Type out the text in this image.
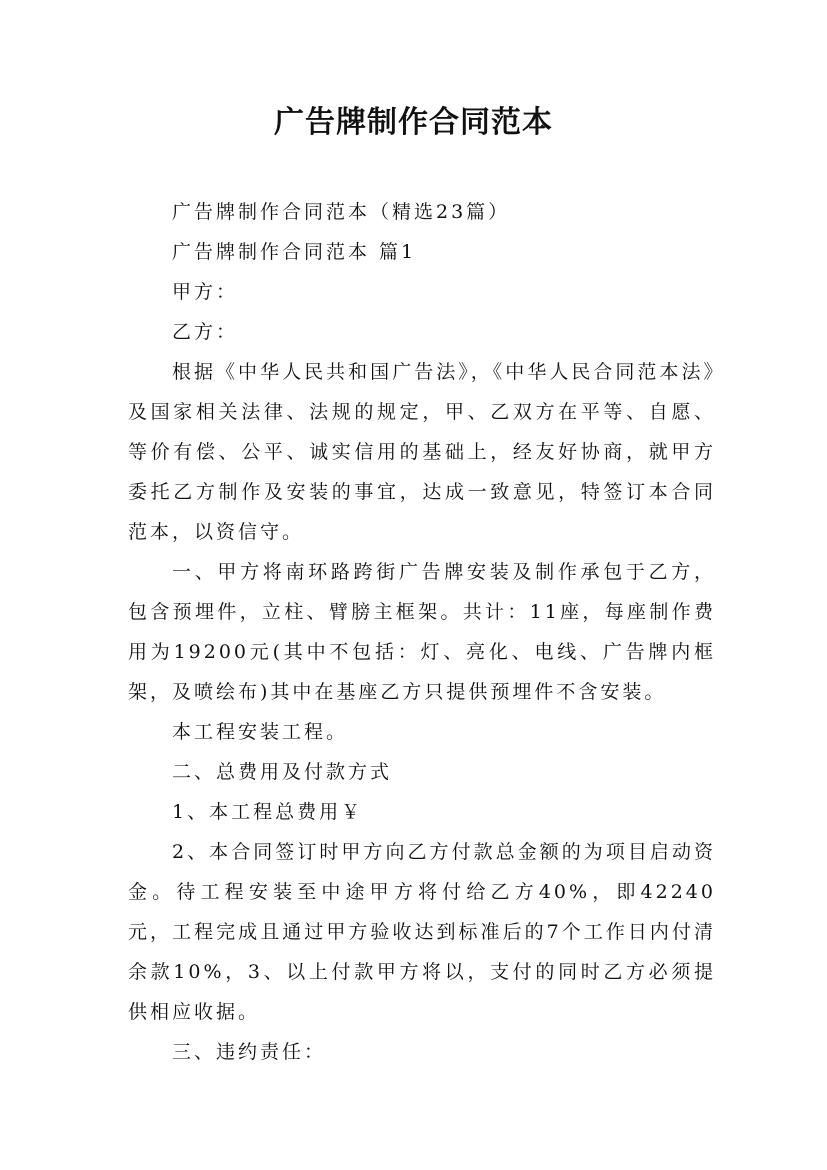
广告牌制作合同范本

广告牌制作合同范本（精选23篇）

广告牌制作合同范本 篇1

甲方：

乙方：

根据《中华人民共和国广告法》，《中华人民合同范本法》及国家相关法律、法规的规定，甲、乙双方在平等、自愿、等价有偿、公平、诚实信用的基础上，经友好协商，就甲方委托乙方制作及安装的事宜，达成一致意见，特签订本合同范本，以资信守。

一、甲方将南环路跨街广告牌安装及制作承包于乙方，包含预埋件，立柱、臂膀主框架。共计：11座，每座制作费用为19200元(其中不包括：灯、亮化、电线、广告牌内框架，及喷绘布)其中在基座乙方只提供预埋件不含安装。

本工程安装工程。

二、总费用及付款方式

1、本工程总费用￥

2、本合同签订时甲方向乙方付款总金额的为项目启动资金。待工程安装至中途甲方将付给乙方40%，即42240元，工程完成且通过甲方验收达到标准后的7个工作日内付清余款10%，3、以上付款甲方将以，支付的同时乙方必须提供相应收据。

三、违约责任：
